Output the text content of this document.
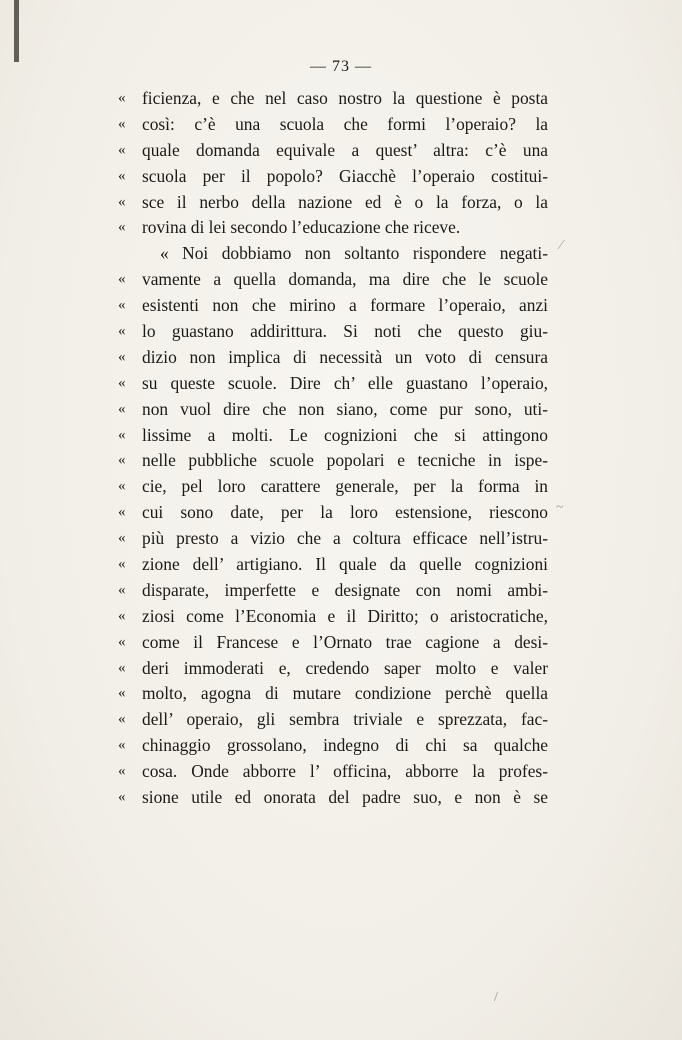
— 73 —
« ficienza, e che nel caso nostro la questione è posta
« così: c’è una scuola che formi l’operaio? la
« quale domanda equivale a quest’ altra: c’è una
« scuola per il popolo? Giacchè l’operaio costitui-
« sce il nerbo della nazione ed è o la forza, o la
« rovina di lei secondo l’educazione che riceve.
« Noi dobbiamo non soltanto rispondere negati-
« vamente a quella domanda, ma dire che le scuole
« esistenti non che mirino a formare l’operaio, anzi
« lo guastano addirittura. Si noti che questo giu-
« dizio non implica di necessità un voto di censura
« su queste scuole. Dire ch’ elle guastano l’operaio,
« non vuol dire che non siano, come pur sono, uti-
« lissime a molti. Le cognizioni che si attingono
« nelle pubbliche scuole popolari e tecniche in ispe-
« cie, pel loro carattere generale, per la forma in
« cui sono date, per la loro estensione, riescono
« più presto a vizio che a coltura efficace nell’istru-
« zione dell’ artigiano. Il quale da quelle cognizioni
« disparate, imperfette e designate con nomi ambi-
« ziosi come l’Economia e il Diritto; o aristocratiche,
« come il Francese e l’Ornato trae cagione a desi-
« deri immoderati e, credendo saper molto e valer
« molto, agogna di mutare condizione perchè quella
« dell’ operaio, gli sembra triviale e sprezzata, fac-
« chinaggio grossolano, indegno di chi sa qualche
« cosa. Onde abborre l’ officina, abborre la profes-
« sione utile ed onorata del padre suo, e non è se
⁄
~
/
